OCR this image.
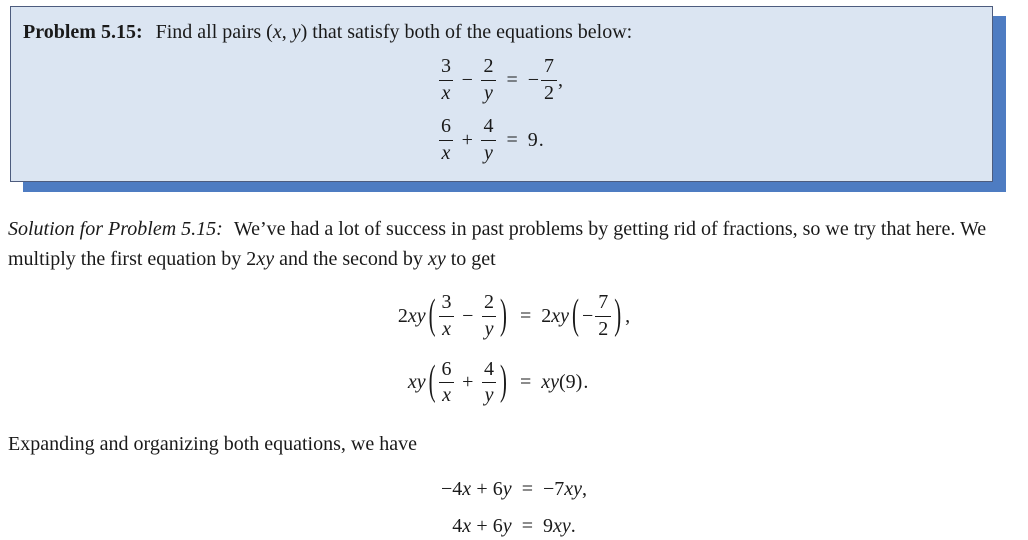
Problem 5.15: Find all pairs (x, y) that satisfy both of the equations below:

$\frac{3}{x} - \frac{2}{y}$ = − $\frac{7}{2}$ ,
$\frac{6}{x} + \frac{4}{y} = 9$ .

Solution for Problem 5.15: We’ve had a lot of success in past problems by getting rid of fractions, so we try that here. We multiply the first equation by 2xy and the second by xy to get

2 xy ( $\frac{3}{x} - \frac{2}{y}$ ) = 2 xy ( − $\frac{7}{2}$ ) ,
xy ( $\frac{6}{x} + \frac{4}{y}$ ) = xy (9) .

Expanding and organizing both equations, we have

−4x + 6y = −7xy,
4x + 6y = 9xy.
